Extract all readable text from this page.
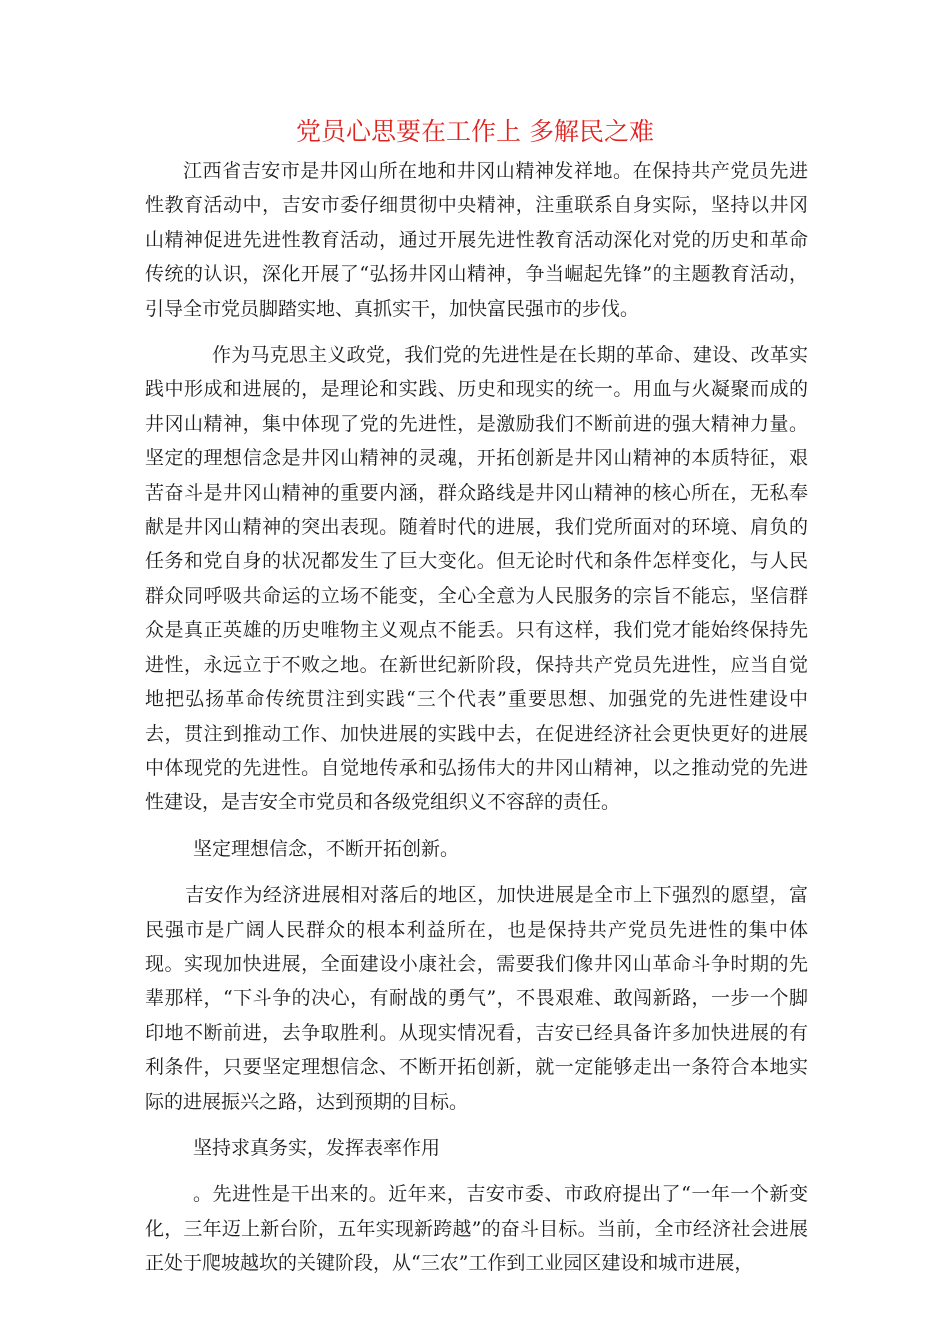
党员心思要在工作上 多解民之难

江西省吉安市是井冈山所在地和井冈山精神发祥地。在保持共产党员先进性教育活动中，吉安市委仔细贯彻中央精神，注重联系自身实际，坚持以井冈山精神促进先进性教育活动，通过开展先进性教育活动深化对党的历史和革命传统的认识，深化开展了“弘扬井冈山精神，争当崛起先锋”的主题教育活动，引导全市党员脚踏实地、真抓实干，加快富民强市的步伐。

作为马克思主义政党，我们党的先进性是在长期的革命、建设、改革实践中形成和进展的，是理论和实践、历史和现实的统一。用血与火凝聚而成的井冈山精神，集中体现了党的先进性，是激励我们不断前进的强大精神力量。坚定的理想信念是井冈山精神的灵魂，开拓创新是井冈山精神的本质特征，艰苦奋斗是井冈山精神的重要内涵，群众路线是井冈山精神的核心所在，无私奉献是井冈山精神的突出表现。随着时代的进展，我们党所面对的环境、肩负的任务和党自身的状况都发生了巨大变化。但无论时代和条件怎样变化，与人民群众同呼吸共命运的立场不能变，全心全意为人民服务的宗旨不能忘，坚信群众是真正英雄的历史唯物主义观点不能丢。只有这样，我们党才能始终保持先进性，永远立于不败之地。在新世纪新阶段，保持共产党员先进性，应当自觉地把弘扬革命传统贯注到实践“三个代表”重要思想、加强党的先进性建设中去，贯注到推动工作、加快进展的实践中去，在促进经济社会更快更好的进展中体现党的先进性。自觉地传承和弘扬伟大的井冈山精神，以之推动党的先进性建设，是吉安全市党员和各级党组织义不容辞的责任。

坚定理想信念，不断开拓创新。

吉安作为经济进展相对落后的地区，加快进展是全市上下强烈的愿望，富民强市是广阔人民群众的根本利益所在，也是保持共产党员先进性的集中体现。实现加快进展，全面建设小康社会，需要我们像井冈山革命斗争时期的先辈那样，“下斗争的决心，有耐战的勇气”，不畏艰难、敢闯新路，一步一个脚印地不断前进，去争取胜利。从现实情况看，吉安已经具备许多加快进展的有利条件，只要坚定理想信念、不断开拓创新，就一定能够走出一条符合本地实际的进展振兴之路，达到预期的目标。

坚持求真务实，发挥表率作用

。先进性是干出来的。近年来，吉安市委、市政府提出了“一年一个新变化，三年迈上新台阶，五年实现新跨越”的奋斗目标。当前，全市经济社会进展正处于爬坡越坎的关键阶段，从“三农”工作到工业园区建设和城市进展，
